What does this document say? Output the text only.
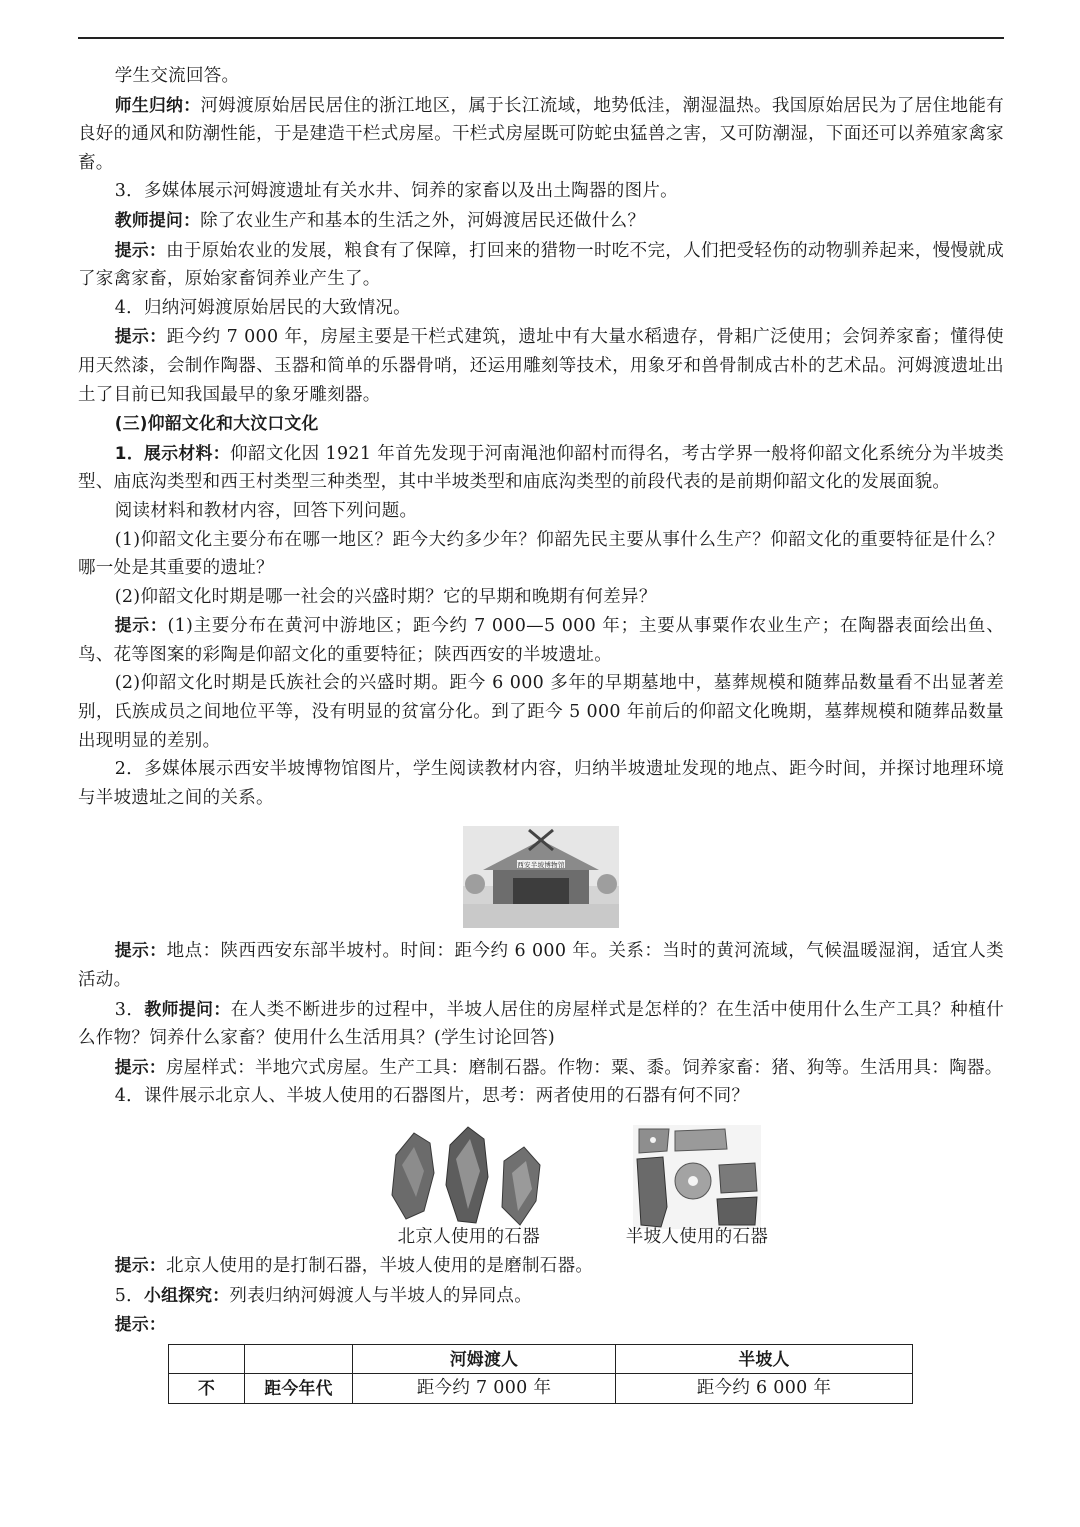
学生交流回答。

师生归纳：河姆渡原始居民居住的浙江地区，属于长江流域，地势低洼，潮湿温热。我国原始居民为了居住地能有良好的通风和防潮性能，于是建造干栏式房屋。干栏式房屋既可防蛇虫猛兽之害，又可防潮湿，下面还可以养殖家禽家畜。

3．多媒体展示河姆渡遗址有关水井、饲养的家畜以及出土陶器的图片。

教师提问：除了农业生产和基本的生活之外，河姆渡居民还做什么？

提示：由于原始农业的发展，粮食有了保障，打回来的猎物一时吃不完，人们把受轻伤的动物驯养起来，慢慢就成了家禽家畜，原始家畜饲养业产生了。

4．归纳河姆渡原始居民的大致情况。

提示：距今约 7 000 年，房屋主要是干栏式建筑，遗址中有大量水稻遗存，骨耜广泛使用；会饲养家畜；懂得使用天然漆，会制作陶器、玉器和简单的乐器骨哨，还运用雕刻等技术，用象牙和兽骨制成古朴的艺术品。河姆渡遗址出土了目前已知我国最早的象牙雕刻器。

(三)仰韶文化和大汶口文化

1．展示材料：仰韶文化因 1921 年首先发现于河南渑池仰韶村而得名，考古学界一般将仰韶文化系统分为半坡类型、庙底沟类型和西王村类型三种类型，其中半坡类型和庙底沟类型的前段代表的是前期仰韶文化的发展面貌。

阅读材料和教材内容，回答下列问题。

(1)仰韶文化主要分布在哪一地区？距今大约多少年？仰韶先民主要从事什么生产？仰韶文化的重要特征是什么？哪一处是其重要的遗址？

(2)仰韶文化时期是哪一社会的兴盛时期？它的早期和晚期有何差异？

提示：(1)主要分布在黄河中游地区；距今约 7 000—5 000 年；主要从事粟作农业生产；在陶器表面绘出鱼、鸟、花等图案的彩陶是仰韶文化的重要特征；陕西西安的半坡遗址。

(2)仰韶文化时期是氏族社会的兴盛时期。距今 6 000 多年的早期墓地中，墓葬规模和随葬品数量看不出显著差别，氏族成员之间地位平等，没有明显的贫富分化。到了距今 5 000 年前后的仰韶文化晚期，墓葬规模和随葬品数量出现明显的差别。

2．多媒体展示西安半坡博物馆图片，学生阅读教材内容，归纳半坡遗址发现的地点、距今时间，并探讨地理环境与半坡遗址之间的关系。

西安半坡博物馆

提示：地点：陕西西安东部半坡村。时间：距今约 6 000 年。关系：当时的黄河流域，气候温暖湿润，适宜人类活动。

3．教师提问：在人类不断进步的过程中，半坡人居住的房屋样式是怎样的？在生活中使用什么生产工具？种植什么作物？饲养什么家畜？使用什么生活用具？(学生讨论回答)

提示：房屋样式：半地穴式房屋。生产工具：磨制石器。作物：粟、黍。饲养家畜：猪、狗等。生活用具：陶器。

4．课件展示北京人、半坡人使用的石器图片，思考：两者使用的石器有何不同？

北京人使用的石器	半坡人使用的石器

提示：北京人使用的是打制石器，半坡人使用的是磨制石器。

5．小组探究：列表归纳河姆渡人与半坡人的异同点。

提示：

		河姆渡人	半坡人
不	距今年代	距今约 7 000 年	距今约 6 000 年
